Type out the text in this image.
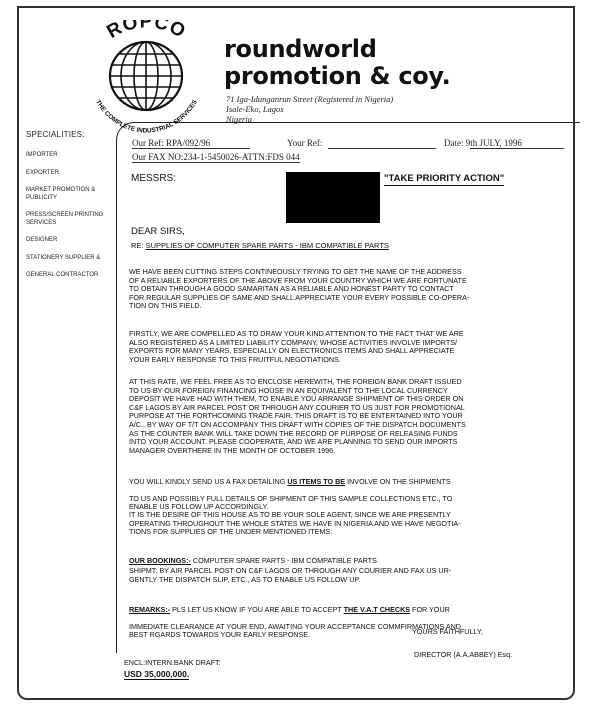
ROPCO
THE COMPLETE INDUSTRIAL SERVICES
roundworld
promotion & coy.
71 Iga-Idunganrun Street (Registered in Nigeria)
Isale-Eko, Lagos
Nigeria
SPECIALITIES:
IMPORTER
EXPORTER
MARKET PROMOTION & PUBLICITY
PRESS/SCREEN PRINTING SERVICES
DESIGNER
STATIONERY SUPPLIER &
GENERAL CONTRACTOR
Our Ref: RPA/092/96	Your Ref:	Date: 9th JULY, 1996
Our FAX NO:234-1-5450026-ATTN:FDS 044
MESSRS:	"TAKE PRIORITY ACTION"
DEAR SIRS,
RE: SUPPLIES OF COMPUTER SPARE PARTS - IBM COMPATIBLE PARTS
WE HAVE BEEN CUTTING STEPS CONTINEOUSLY TRYING TO GET THE NAME OF THE ADDRESS
OF A RELIABLE EXPORTERS OF THE ABOVE FROM YOUR COUNTRY WHICH WE ARE FORTUNATE
TO OBTAIN THROUGH A GOOD SAMARITAN AS A RELIABLE AND HONEST PARTY TO CONTACT
FOR REGULAR SUPPLIES OF SAME AND SHALL APPRECIATE YOUR EVERY POSSIBLE CO-OPERA-
TION ON THIS FIELD.
FIRSTLY, WE ARE COMPELLED AS TO DRAW YOUR KIND ATTENTION TO THE FACT THAT WE ARE
ALSO REGISTERED AS A LIMITED LIABILITY COMPANY, WHOSE ACTIVITIES INVOLVE IMPORTS/
EXPORTS FOR MANY YEARS, ESPECIALLY ON ELECTRONICS ITEMS AND SHALL APPRECIATE
YOUR EARLY RESPONSE TO THIS FRUITFUL NEGOTIATIONS.
AT THIS RATE, WE FEEL FREE AS TO ENCLOSE HEREWITH, THE FOREIGN BANK DRAFT ISSUED
TO US BY OUR FOREIGN FINANCING HOUSE IN AN EQUIVALENT TO THE LOCAL CURRENCY
DEPOSIT WE HAVE HAD WITH THEM, TO ENABLE YOU ARRANGE SHIPMENT OF THIS ORDER ON
C&F LAGOS BY AIR PARCEL POST OR THROUGH ANY COURIER TO US JUST FOR PROMOTIONAL
PURPOSE AT THE FORTHCOMING TRADE FAIR. THIS DRAFT IS TO BE ENTERTAINED INTO YOUR
A/C., BY WAY OF T/T ON ACCOMPANY THIS DRAFT WITH COPIES OF THE DISPATCH DOCUMENTS
AS THE COUNTER BANK WILL TAKE DOWN THE RECORD OF PURPOSE OF RELEASING FUNDS
INTO YOUR ACCOUNT. PLEASE COOPERATE, AND WE ARE PLANNING TO SEND OUR IMPORTS
MANAGER OVERTHERE IN THE MONTH OF OCTOBER 1996.

YOU WILL KINDLY SEND US A FAX DETAILING US ITEMS TO BE INVOLVE ON THE SHIPMENTS

TO US AND POSSIBLY FULL DETAILS OF SHIPMENT OF THIS SAMPLE COLLECTIONS ETC., TO
ENABLE US FOLLOW UP ACCORDINGLY.

IT IS THE DESIRE OF THIS HOUSE AS TO BE YOUR SOLE AGENT, SINCE WE ARE PRESENTLY
OPERATING THROUGHOUT THE WHOLE STATES WE HAVE IN NIGERIA AND WE HAVE NEGOTIA-
TIONS FOR SUPPLIES OF THE UNDER MENTIONED ITEMS:

OUR BOOKINGS:- COMPUTER SPARE PARTS - IBM COMPATIBLE PARTS

SHIPMT: BY AIR PARCEL POST ON C&F LAGOS OR THROUGH ANY COURIER AND FAX US UR-
GENTLY THE DISPATCH SLIP, ETC., AS TO ENABLE US FOLLOW UP.

REMARKS:- PLS LET US KNOW IF YOU ARE ABLE TO ACCEPT THE V.A.T CHECKS FOR YOUR

IMMEDIATE CLEARANCE AT YOUR END, AWAITING YOUR ACCEPTANCE COMMFIRMATIONS AND
BEST RGARDS TOWARDS YOUR EARLY RESPONSE.	YOURS FAITHFULLY,
DIRECTOR (A.A.ABBEY) Esq.
ENCL:INTERN.BANK DRAFT:
USD 35,000,000.
